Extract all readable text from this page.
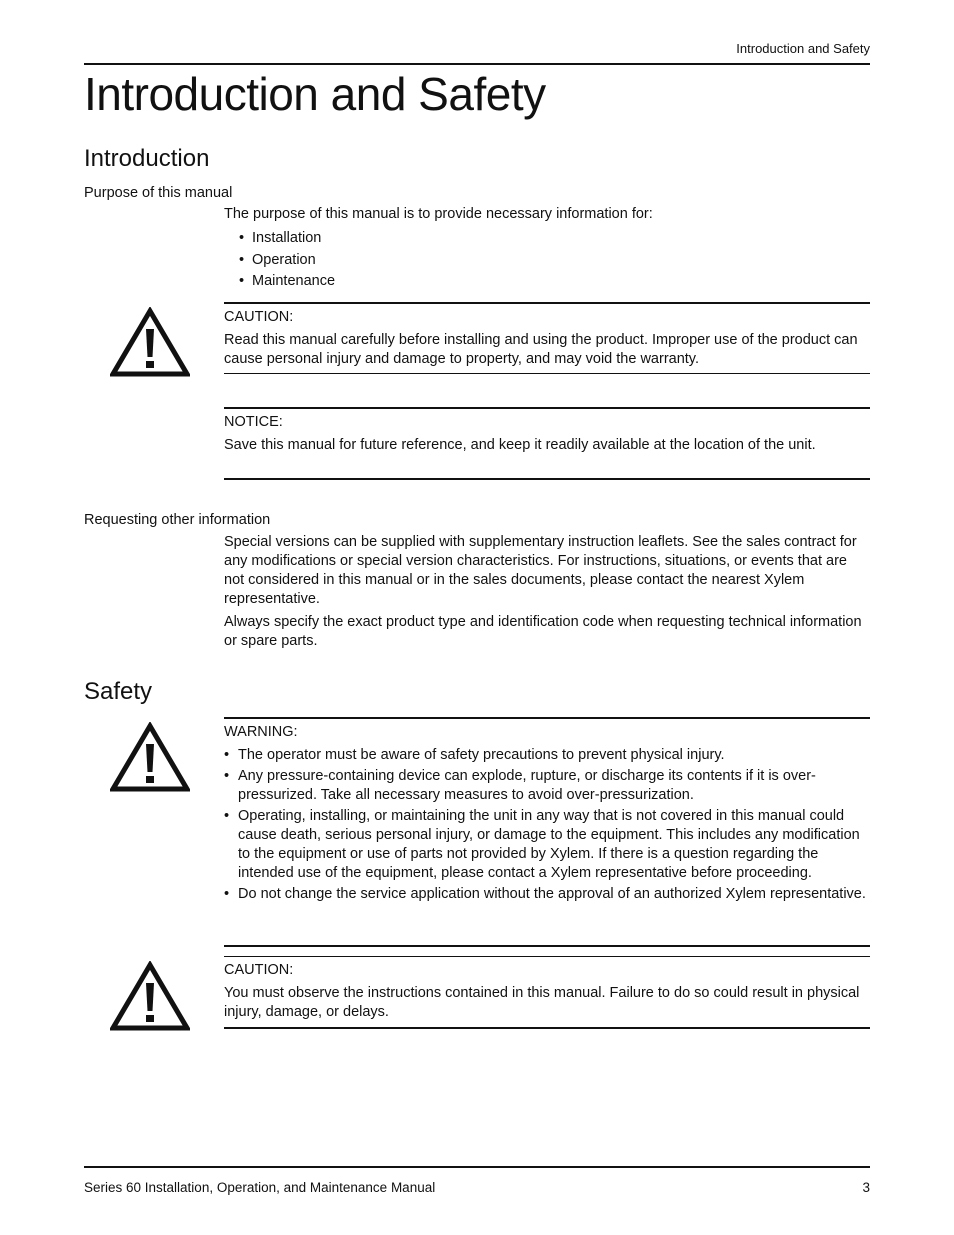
Introduction and Safety
Introduction and Safety
Introduction
Purpose of this manual

The purpose of this manual is to provide necessary information for:

• Installation
• Operation
• Maintenance
CAUTION:

Read this manual carefully before installing and using the product. Improper use of the product can cause personal injury and damage to property, and may void the warranty.

NOTICE:

Save this manual for future reference, and keep it readily available at the location of the unit.

Requesting other information

Special versions can be supplied with supplementary instruction leaflets. See the sales contract for any modifications or special version characteristics. For instructions, situations, or events that are not considered in this manual or in the sales documents, please contact the nearest Xylem representative.

Always specify the exact product type and identification code when requesting technical information or spare parts.

Safety
WARNING:
• The operator must be aware of safety precautions to prevent physical injury.
• Any pressure-containing device can explode, rupture, or discharge its contents if it is over-pressurized. Take all necessary measures to avoid over-pressurization.
• Operating, installing, or maintaining the unit in any way that is not covered in this manual could cause death, serious personal injury, or damage to the equipment. This includes any modification to the equipment or use of parts not provided by Xylem. If there is a question regarding the intended use of the equipment, please contact a Xylem representative before proceeding.
• Do not change the service application without the approval of an authorized Xylem representative.
CAUTION:

You must observe the instructions contained in this manual. Failure to do so could result in physical injury, damage, or delays.

Series 60 Installation, Operation, and Maintenance Manual	3
